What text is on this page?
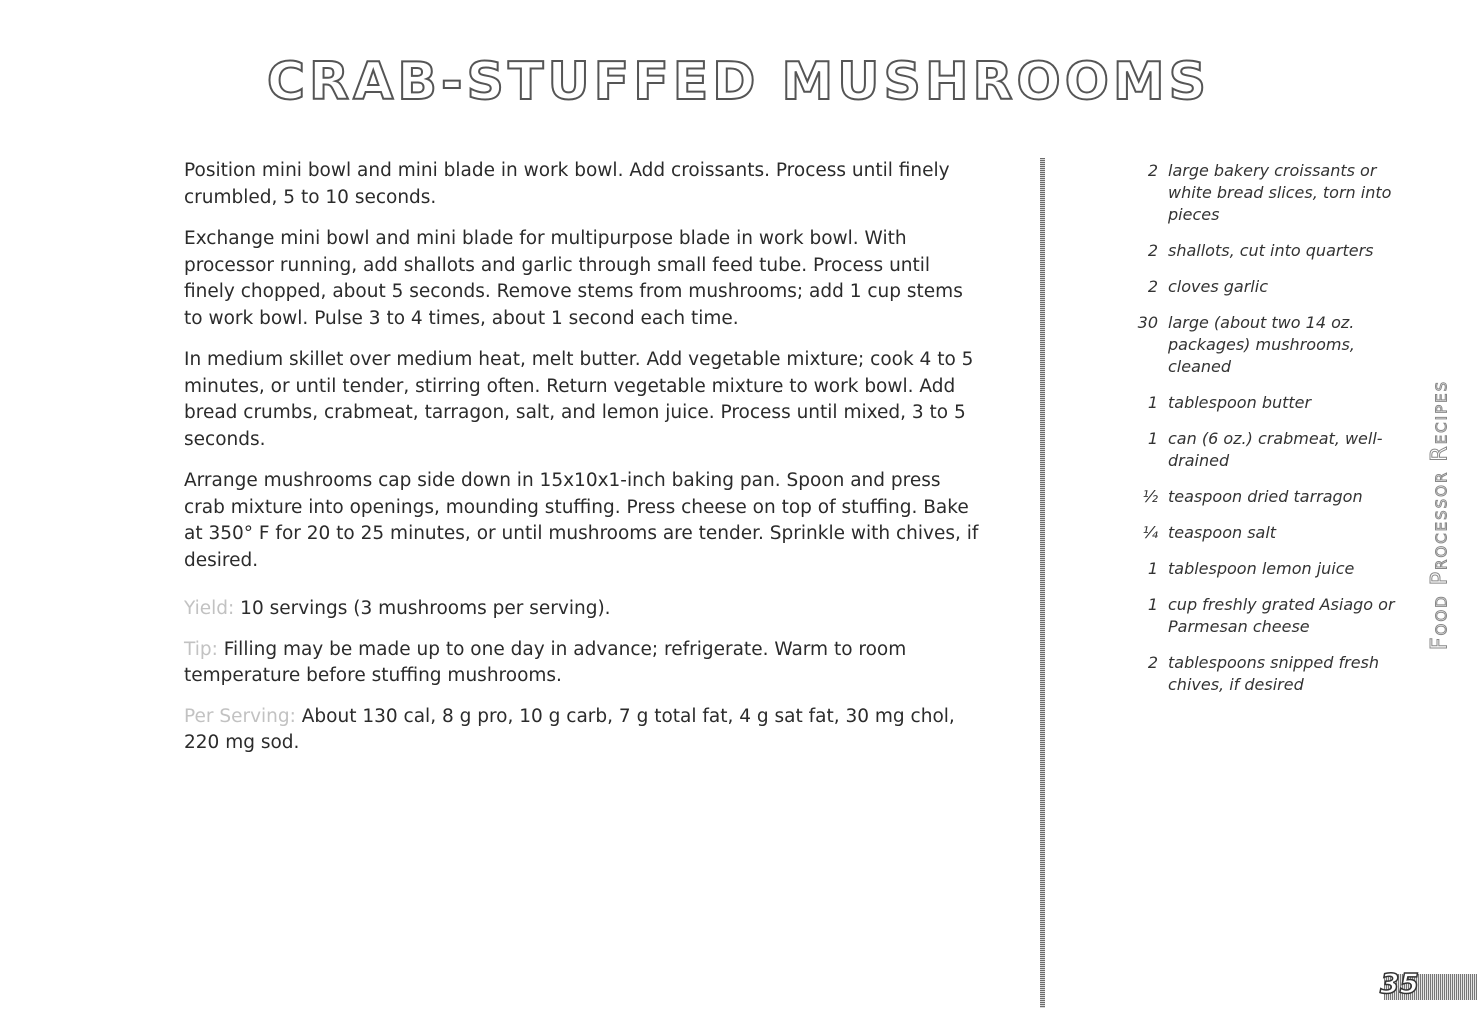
CRAB-STUFFED MUSHROOMS

Position mini bowl and mini blade in work bowl. Add croissants. Process until finely crumbled, 5 to 10 seconds.

Exchange mini bowl and mini blade for multipurpose blade in work bowl. With processor running, add shallots and garlic through small feed tube. Process until finely chopped, about 5 seconds. Remove stems from mushrooms; add 1 cup stems to work bowl. Pulse 3 to 4 times, about 1 second each time.

In medium skillet over medium heat, melt butter. Add vegetable mixture; cook 4 to 5 minutes, or until tender, stirring often. Return vegetable mixture to work bowl. Add bread crumbs, crabmeat, tarragon, salt, and lemon juice. Process until mixed, 3 to 5 seconds.

Arrange mushrooms cap side down in 15x10x1-inch baking pan. Spoon and press crab mixture into openings, mounding stuffing. Press cheese on top of stuffing. Bake at 350° F for 20 to 25 minutes, or until mushrooms are tender. Sprinkle with chives, if desired.

Yield: 10 servings (3 mushrooms per serving).

Tip: Filling may be made up to one day in advance; refrigerate. Warm to room temperature before stuffing mushrooms.

Per Serving: About 130 cal, 8 g pro, 10 g carb, 7 g total fat, 4 g sat fat, 30 mg chol, 220 mg sod.

2 large bakery croissants or white bread slices, torn into pieces
2 shallots, cut into quarters
2 cloves garlic
30 large (about two 14 oz. packages) mushrooms, cleaned
1 tablespoon butter
1 can (6 oz.) crabmeat, well-drained
½ teaspoon dried tarragon
¼ teaspoon salt
1 tablespoon lemon juice
1 cup freshly grated Asiago or Parmesan cheese
2 tablespoons snipped fresh chives, if desired
Food Processor Recipes
35
